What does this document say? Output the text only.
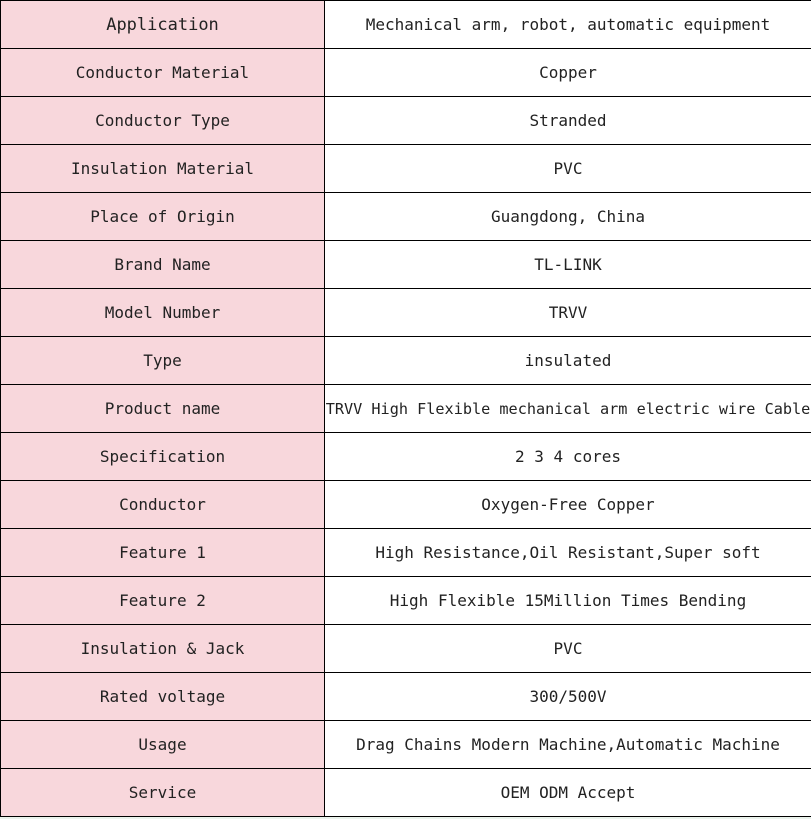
Application	Mechanical arm, robot, automatic equipment
Conductor Material	Copper
Conductor Type	Stranded
Insulation Material	PVC
Place of Origin	Guangdong, China
Brand Name	TL-LINK
Model Number	TRVV
Type	insulated
Product name	TRVV High Flexible mechanical arm electric wire Cable
Specification	2 3 4 cores
Conductor	Oxygen-Free Copper
Feature 1	High Resistance,Oil Resistant,Super soft
Feature 2	High Flexible 15Million Times Bending
Insulation & Jack	PVC
Rated voltage	300/500V
Usage	Drag Chains Modern Machine,Automatic Machine
Service	OEM ODM Accept
